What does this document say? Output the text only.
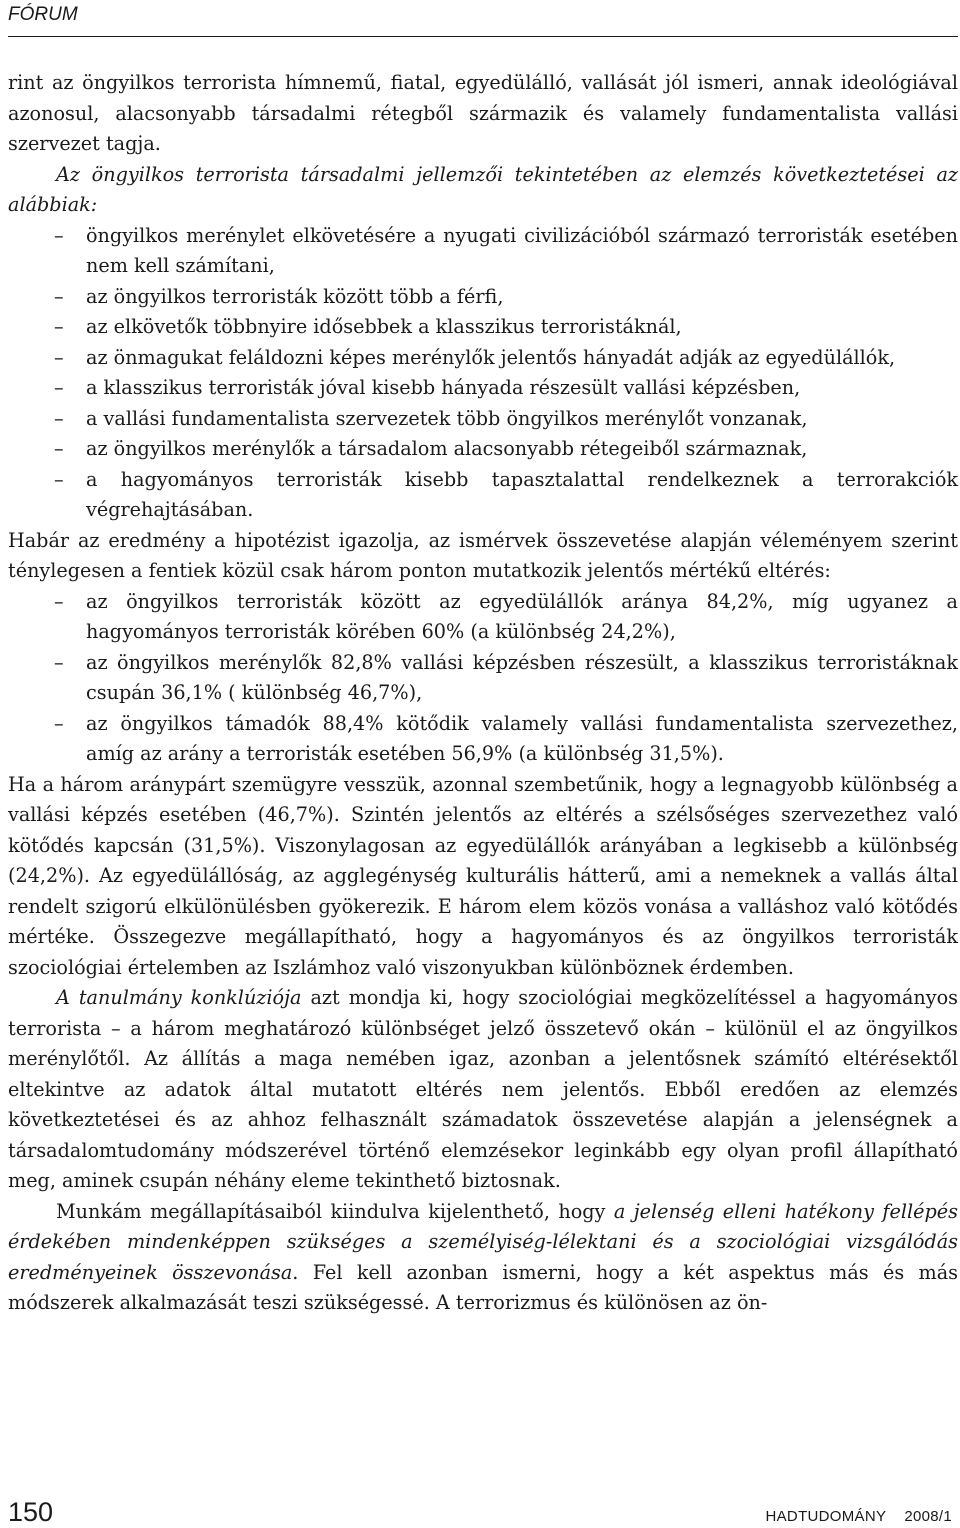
FÓRUM

rint az öngyilkos terrorista hímnemű, fiatal, egyedülálló, vallását jól ismeri, annak ideológiával azonosul, alacsonyabb társadalmi rétegből származik és valamely fundamentalista vallási szervezet tagja.

Az öngyilkos terrorista társadalmi jellemzői tekintetében az elemzés következtetései az alábbiak:

– öngyilkos merénylet elkövetésére a nyugati civilizációból származó terroristák esetében nem kell számítani,
– az öngyilkos terroristák között több a férfi,
– az elkövetők többnyire idősebbek a klasszikus terroristáknál,
– az önmagukat feláldozni képes merénylők jelentős hányadát adják az egyedülállók,
– a klasszikus terroristák jóval kisebb hányada részesült vallási képzésben,
– a vallási fundamentalista szervezetek több öngyilkos merénylőt vonzanak,
– az öngyilkos merénylők a társadalom alacsonyabb rétegeiből származnak,
– a hagyományos terroristák kisebb tapasztalattal rendelkeznek a terrorakciók végrehajtásában.

Habár az eredmény a hipotézist igazolja, az ismérvek összevetése alapján véleményem szerint ténylegesen a fentiek közül csak három ponton mutatkozik jelentős mértékű eltérés:

– az öngyilkos terroristák között az egyedülállók aránya 84,2%, míg ugyanez a hagyományos terroristák körében 60% (a különbség 24,2%),
– az öngyilkos merénylők 82,8% vallási képzésben részesült, a klasszikus terroristáknak csupán 36,1% ( különbség 46,7%),
– az öngyilkos támadók 88,4% kötődik valamely vallási fundamentalista szervezethez, amíg az arány a terroristák esetében 56,9% (a különbség 31,5%).

Ha a három aránypárt szemügyre vesszük, azonnal szembetűnik, hogy a legnagyobb különbség a vallási képzés esetében (46,7%). Szintén jelentős az eltérés a szélsőséges szervezethez való kötődés kapcsán (31,5%). Viszonylagosan az egyedülállók arányában a legkisebb a különbség (24,2%). Az egyedülállóság, az agglegénység kulturális hátterű, ami a nemeknek a vallás által rendelt szigorú elkülönülésben gyökerezik. E három elem közös vonása a valláshoz való kötődés mértéke. Összegezve megállapítható, hogy a hagyományos és az öngyilkos terroristák szociológiai értelemben az Iszlámhoz való viszonyukban különböznek érdemben.

A tanulmány konklúziója azt mondja ki, hogy szociológiai megközelítéssel a hagyományos terrorista – a három meghatározó különbséget jelző összetevő okán – különül el az öngyilkos merénylőtől. Az állítás a maga nemében igaz, azonban a jelentősnek számító eltérésektől eltekintve az adatok által mutatott eltérés nem jelentős. Ebből eredően az elemzés következtetései és az ahhoz felhasznált számadatok összevetése alapján a jelenségnek a társadalomtudomány módszerével történő elemzésekor leginkább egy olyan profil állapítható meg, aminek csupán néhány eleme tekinthető biztosnak.

Munkám megállapításaiból kiindulva kijelenthető, hogy a jelenség elleni hatékony fellépés érdekében mindenképpen szükséges a személyiség-lélektani és a szociológiai vizsgálódás eredményeinek összevonása. Fel kell azonban ismerni, hogy a két aspektus más és más módszerek alkalmazását teszi szükségessé. A terrorizmus és különösen az ön-

150	HADTUDOMÁNY 2008/1
